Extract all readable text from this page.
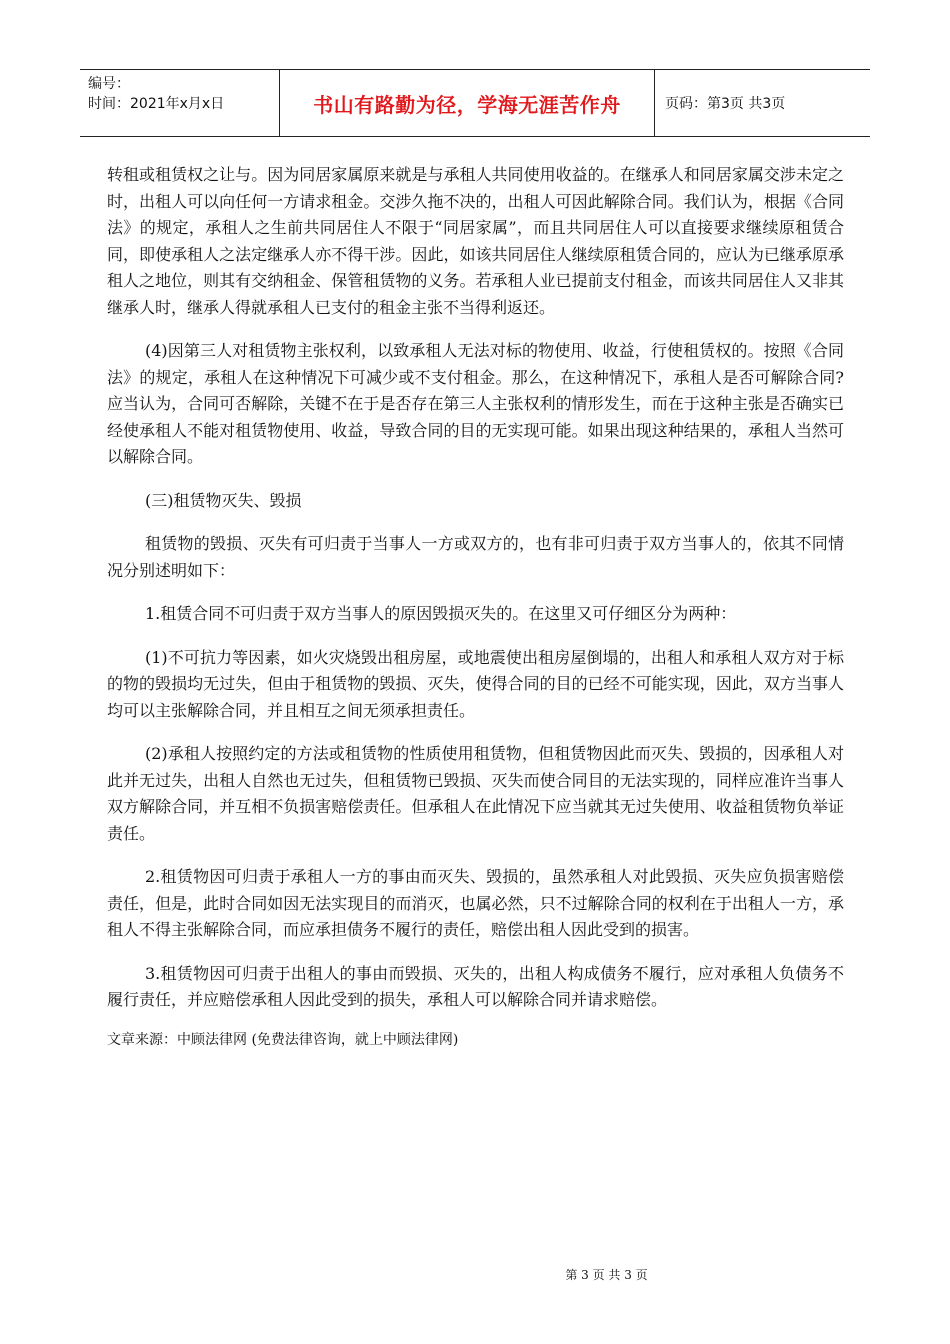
编号：
时间：2021年x月x日	书山有路勤为径，学海无涯苦作舟	页码：第3页 共3页

转租或租赁权之让与。因为同居家属原来就是与承租人共同使用收益的。在继承人和同居家属交涉未定之时，出租人可以向任何一方请求租金。交涉久拖不决的，出租人可因此解除合同。我们认为，根据《合同法》的规定，承租人之生前共同居住人不限于“同居家属”，而且共同居住人可以直接要求继续原租赁合同，即使承租人之法定继承人亦不得干涉。因此，如该共同居住人继续原租赁合同的，应认为已继承原承租人之地位，则其有交纳租金、保管租赁物的义务。若承租人业已提前支付租金，而该共同居住人又非其继承人时，继承人得就承租人已支付的租金主张不当得利返还。

(4)因第三人对租赁物主张权利，以致承租人无法对标的物使用、收益，行使租赁权的。按照《合同法》的规定，承租人在这种情况下可减少或不支付租金。那么，在这种情况下，承租人是否可解除合同?应当认为，合同可否解除，关键不在于是否存在第三人主张权利的情形发生，而在于这种主张是否确实已经使承租人不能对租赁物使用、收益，导致合同的目的无实现可能。如果出现这种结果的，承租人当然可以解除合同。

(三)租赁物灭失、毁损

租赁物的毁损、灭失有可归责于当事人一方或双方的，也有非可归责于双方当事人的，依其不同情况分别述明如下：

1.租赁合同不可归责于双方当事人的原因毁损灭失的。在这里又可仔细区分为两种：

(1)不可抗力等因素，如火灾烧毁出租房屋，或地震使出租房屋倒塌的，出租人和承租人双方对于标的物的毁损均无过失，但由于租赁物的毁损、灭失，使得合同的目的已经不可能实现，因此，双方当事人均可以主张解除合同，并且相互之间无须承担责任。

(2)承租人按照约定的方法或租赁物的性质使用租赁物，但租赁物因此而灭失、毁损的，因承租人对此并无过失，出租人自然也无过失，但租赁物已毁损、灭失而使合同目的无法实现的，同样应准许当事人双方解除合同，并互相不负损害赔偿责任。但承租人在此情况下应当就其无过失使用、收益租赁物负举证责任。

2.租赁物因可归责于承租人一方的事由而灭失、毁损的，虽然承租人对此毁损、灭失应负损害赔偿责任，但是，此时合同如因无法实现目的而消灭，也属必然，只不过解除合同的权利在于出租人一方，承租人不得主张解除合同，而应承担债务不履行的责任，赔偿出租人因此受到的损害。

3.租赁物因可归责于出租人的事由而毁损、灭失的，出租人构成债务不履行，应对承租人负债务不履行责任，并应赔偿承租人因此受到的损失，承租人可以解除合同并请求赔偿。

文章来源：中顾法律网 (免费法律咨询，就上中顾法律网)

第 3 页 共 3 页
